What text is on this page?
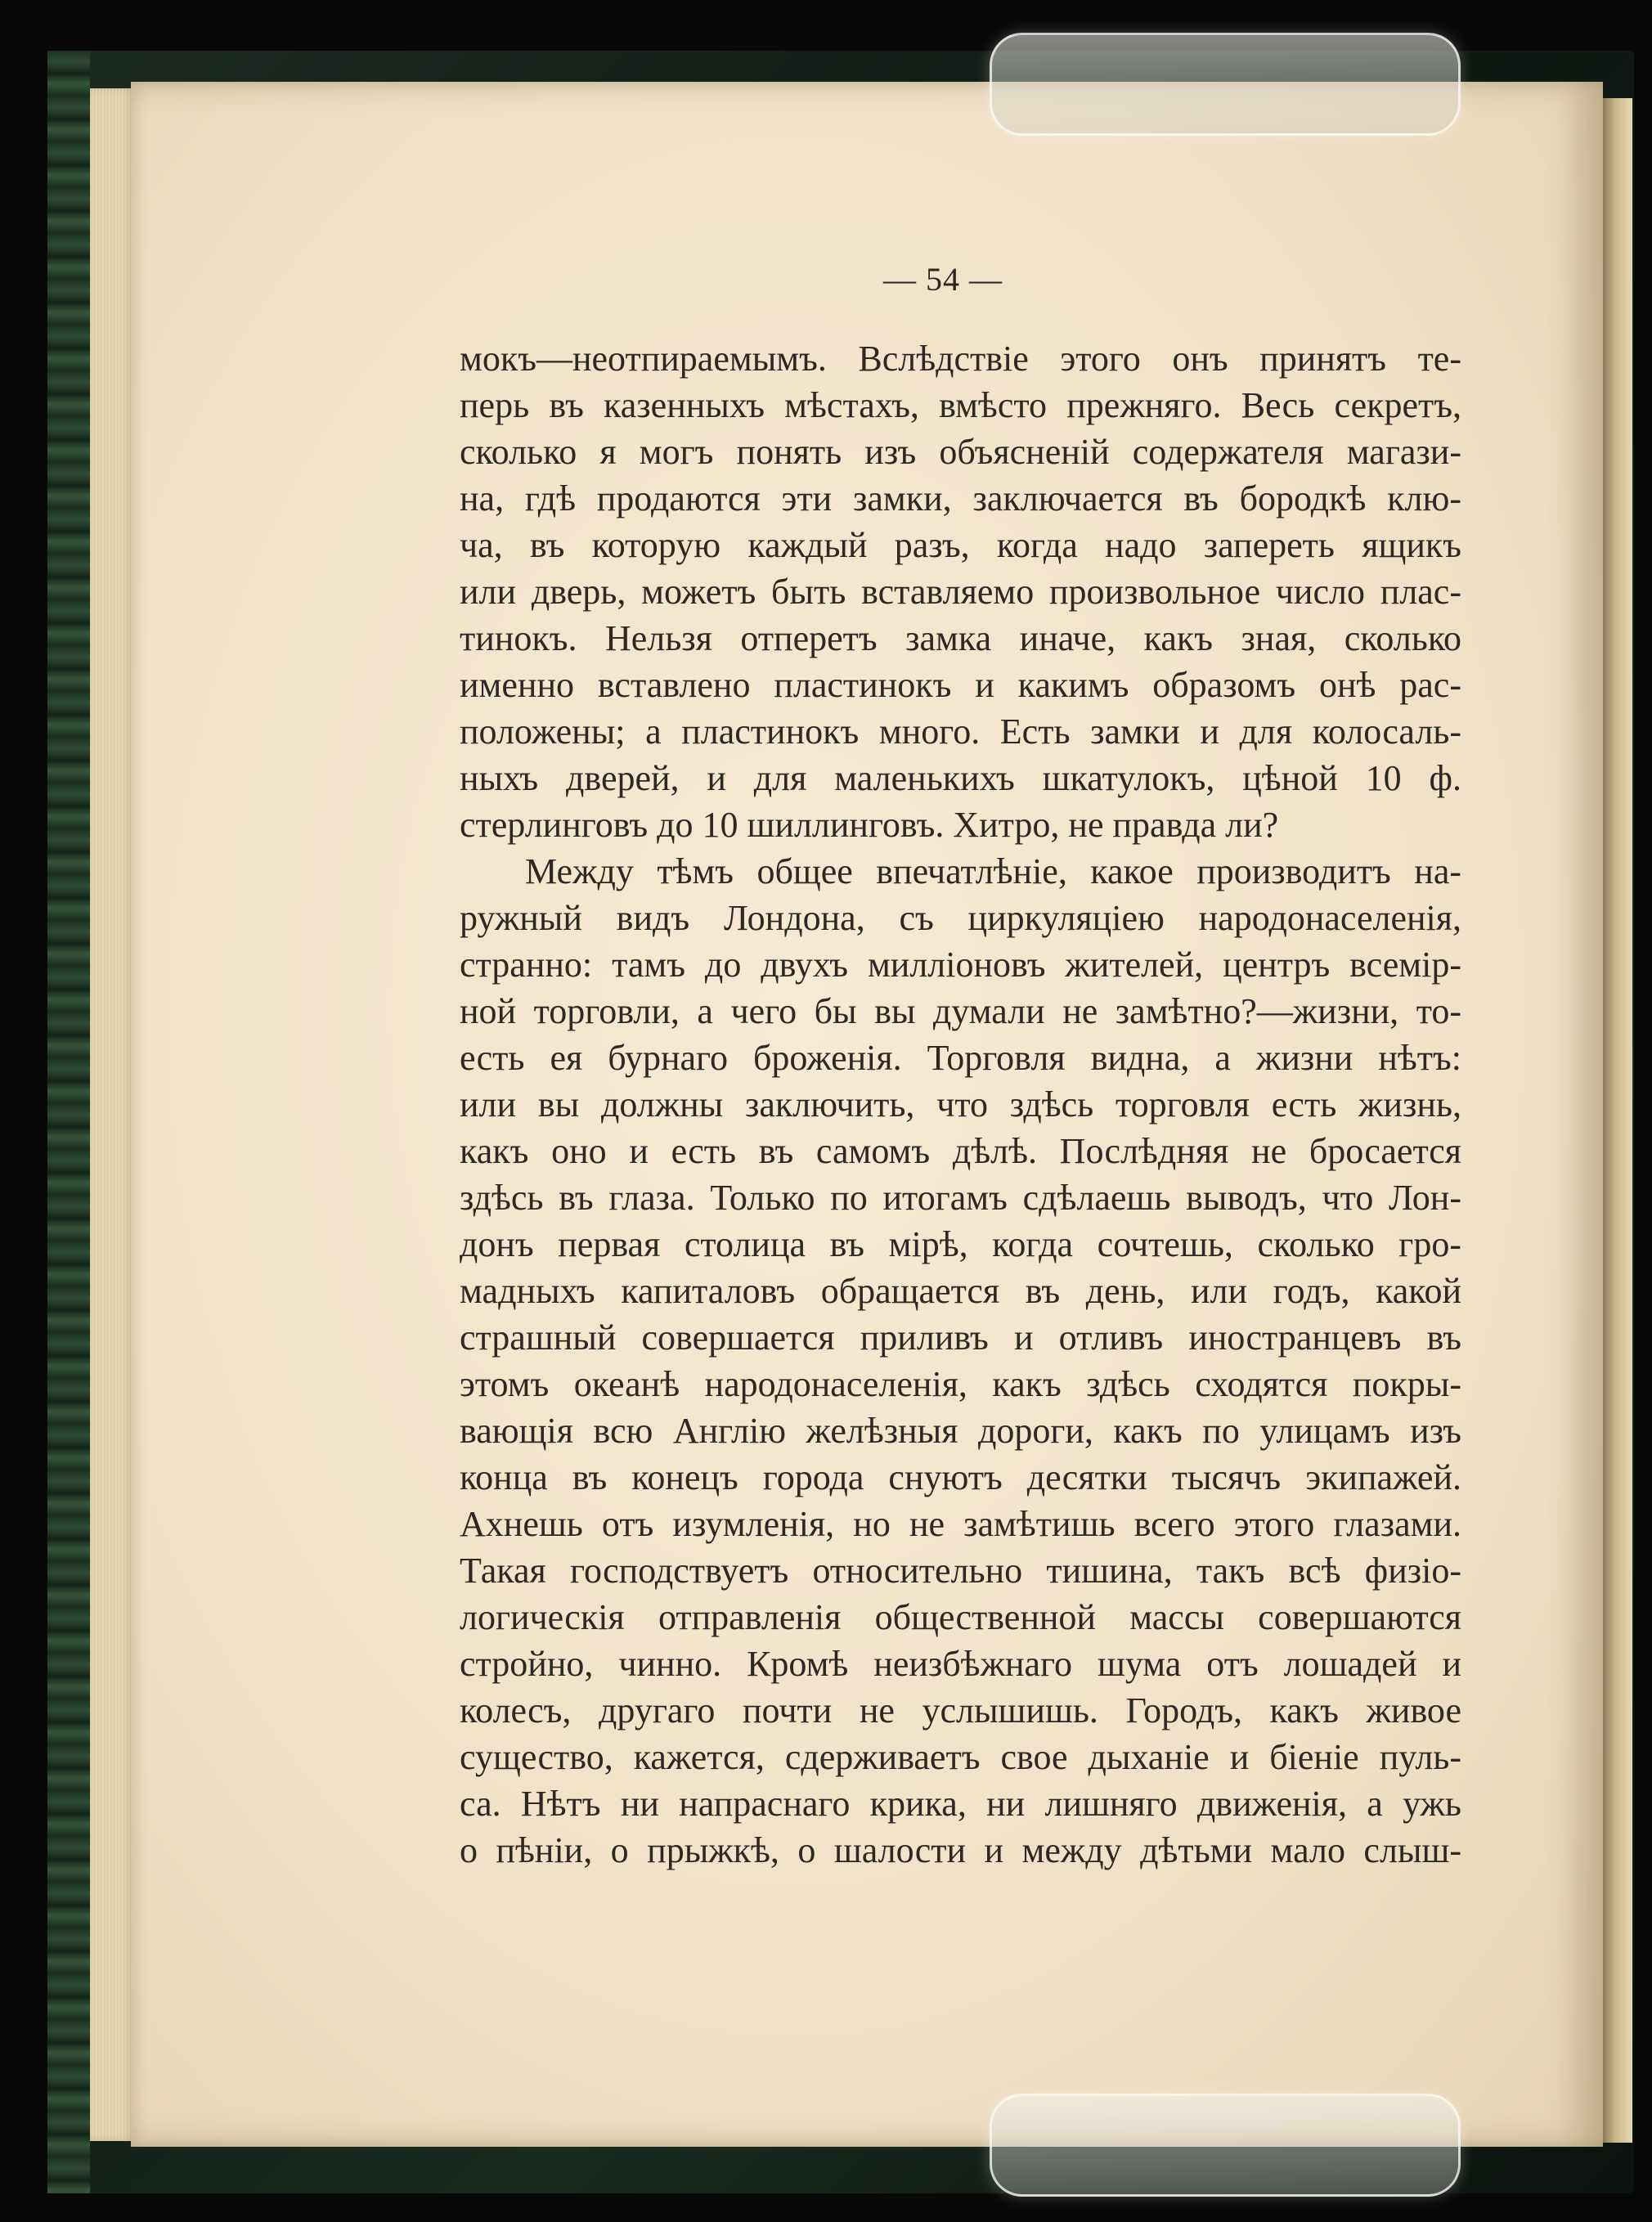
— 54 —
мокъ—неотпираемымъ. Вслѣдствіе этого онъ принятъ те-
перь въ казенныхъ мѣстахъ, вмѣсто прежняго. Весь секретъ,
сколько я могъ понять изъ объясненій содержателя магази-
на, гдѣ продаются эти замки, заключается въ бородкѣ клю-
ча, въ которую каждый разъ, когда надо запереть ящикъ
или дверь, можетъ быть вставляемо произвольное число плас-
тинокъ. Нельзя отперетъ замка иначе, какъ зная, сколько
именно вставлено пластинокъ и какимъ образомъ онѣ рас-
положены; а пластинокъ много. Есть замки и для колосаль-
ныхъ дверей, и для маленькихъ шкатулокъ, цѣной 10 ф.
стерлинговъ до 10 шиллинговъ. Хитро, не правда ли?
Между тѣмъ общее впечатлѣніе, какое производитъ на-
ружный видъ Лондона, съ циркуляціею народонаселенія,
странно: тамъ до двухъ милліоновъ жителей, центръ всемір-
ной торговли, а чего бы вы думали не замѣтно?—жизни, то-
есть ея бурнаго броженія. Торговля видна, а жизни нѣтъ:
или вы должны заключить, что здѣсь торговля есть жизнь,
какъ оно и есть въ самомъ дѣлѣ. Послѣдняя не бросается
здѣсь въ глаза. Только по итогамъ сдѣлаешь выводъ, что Лон-
донъ первая столица въ мірѣ, когда сочтешь, сколько гро-
мадныхъ капиталовъ обращается въ день, или годъ, какой
страшный совершается приливъ и отливъ иностранцевъ въ
этомъ океанѣ народонаселенія, какъ здѣсь сходятся покры-
вающія всю Англію желѣзныя дороги, какъ по улицамъ изъ
конца въ конецъ города снуютъ десятки тысячъ экипажей.
Ахнешь отъ изумленія, но не замѣтишь всего этого глазами.
Такая господствуетъ относительно тишина, такъ всѣ физіо-
логическія отправленія общественной массы совершаются
стройно, чинно. Кромѣ неизбѣжнаго шума отъ лошадей и
колесъ, другаго почти не услышишь. Городъ, какъ живое
существо, кажется, сдерживаетъ свое дыханіе и біеніе пуль-
са. Нѣтъ ни напраснаго крика, ни лишняго движенія, а ужь
о пѣніи, о прыжкѣ, о шалости и между дѣтьми мало слыш-
